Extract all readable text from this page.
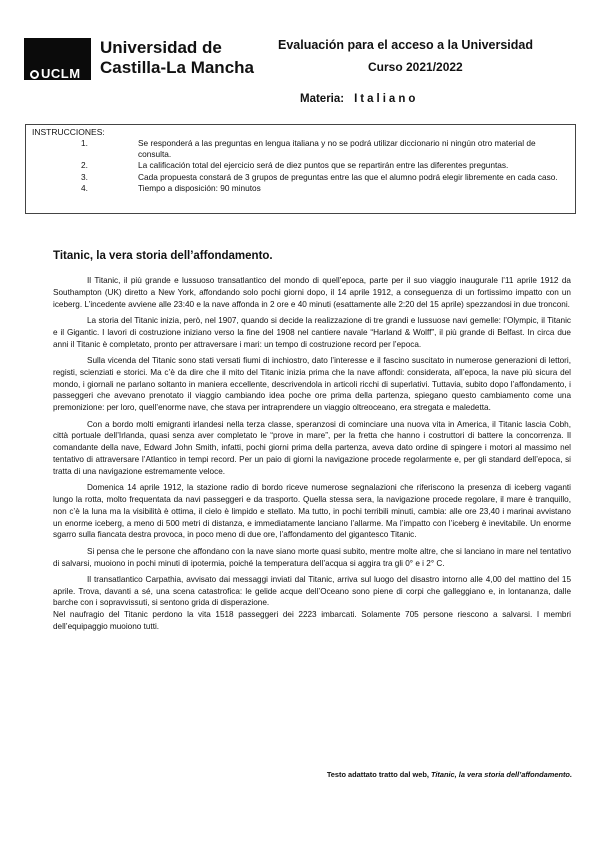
UCLM
Universidad de
Castilla-La Mancha
Evaluación para el acceso a la Universidad
Curso 2021/2022
Materia: Italiano
INSTRUCCIONES:
1.	Se responderá a las preguntas en lengua italiana y no se podrá utilizar diccionario ni ningún otro material de consulta.
2.	La calificación total del ejercicio será de diez puntos que se repartirán entre las diferentes preguntas.
3.	Cada propuesta constará de 3 grupos de preguntas entre las que el alumno podrá elegir libremente en cada caso.
4.	Tiempo a disposición: 90 minutos
Titanic, la vera storia dell’affondamento.

Il Titanic, il più grande e lussuoso transatlantico del mondo di quell’epoca, parte per il suo viaggio inaugurale l’11 aprile 1912 da Southampton (UK) diretto a New York, affondando solo pochi giorni dopo, il 14 aprile 1912, a conseguenza di un fortissimo impatto con un iceberg. L’incedente avviene alle 23:40 e la nave affonda in 2 ore e 40 minuti (esattamente alle 2:20 del 15 aprile) spezzandosi in due tronconi.

La storia del Titanic inizia, però, nel 1907, quando si decide la realizzazione di tre grandi e lussuose navi gemelle: l’Olympic, il Titanic e il Gigantic. I lavori di costruzione iniziano verso la fine del 1908 nel cantiere navale “Harland & Wolff”, il più grande di Belfast. In circa due anni il Titanic è completato, pronto per attraversare i mari: un tempo di costruzione record per l’epoca.

Sulla vicenda del Titanic sono stati versati fiumi di inchiostro, dato l’interesse e il fascino suscitato in numerose generazioni di lettori, registi, scienziati e storici. Ma c’è da dire che il mito del Titanic inizia prima che la nave affondi: considerata, all’epoca, la nave più sicura del mondo, i giornali ne parlano soltanto in maniera eccellente, descrivendola in articoli ricchi di superlativi. Tuttavia, subito dopo l’affondamento, i passeggeri che avevano prenotato il viaggio cambiando idea poche ore prima della partenza, spiegano questo cambiamento come una premonizione: per loro, quell’enorme nave, che stava per intraprendere un viaggio oltreoceano, era stregata e maledetta.

Con a bordo molti emigranti irlandesi nella terza classe, speranzosi di cominciare una nuova vita in America, il Titanic lascia Cobh, città portuale dell’Irlanda, quasi senza aver completato le “prove in mare”, per la fretta che hanno i costruttori di battere la concorrenza. Il comandante della nave, Edward John Smith, infatti, pochi giorni prima della partenza, aveva dato ordine di spingere i motori al massimo nel tentativo di attraversare l’Atlantico in tempi record. Per un paio di giorni la navigazione procede regolarmente e, per gli standard dell’epoca, si tratta di una navigazione estremamente veloce.

Domenica 14 aprile 1912, la stazione radio di bordo riceve numerose segnalazioni che riferiscono la presenza di iceberg vaganti lungo la rotta, molto frequentata da navi passeggeri e da trasporto. Quella stessa sera, la navigazione procede regolare, il mare è tranquillo, non c’è la luna ma la visibilità è ottima, il cielo è limpido e stellato. Ma tutto, in pochi terribili minuti, cambia: alle ore 23,40 i marinai avvistano un enorme iceberg, a meno di 500 metri di distanza, e immediatamente lanciano l’allarme. Ma l’impatto con l’iceberg è inevitabile. Un enorme sgarro sulla fiancata destra provoca, in poco meno di due ore, l’affondamento del gigantesco Titanic.

Si pensa che le persone che affondano con la nave siano morte quasi subito, mentre molte altre, che si lanciano in mare nel tentativo di salvarsi, muoiono in pochi minuti di ipotermia, poiché la temperatura dell’acqua si aggira tra gli 0° e i 2° C.

Il transatlantico Carpathia, avvisato dai messaggi inviati dal Titanic, arriva sul luogo del disastro intorno alle 4,00 del mattino del 15 aprile. Trova, davanti a sé, una scena catastrofica: le gelide acque dell’Oceano sono piene di corpi che galleggiano e, in lontananza, dalle barche con i sopravvissuti, si sentono grida di disperazione.

Nel naufragio del Titanic perdono la vita 1518 passeggeri dei 2223 imbarcati. Solamente 705 persone riescono a salvarsi. I membri dell’equipaggio muoiono tutti.

Testo adattato tratto dal web, Titanic, la vera storia dell’affondamento.
